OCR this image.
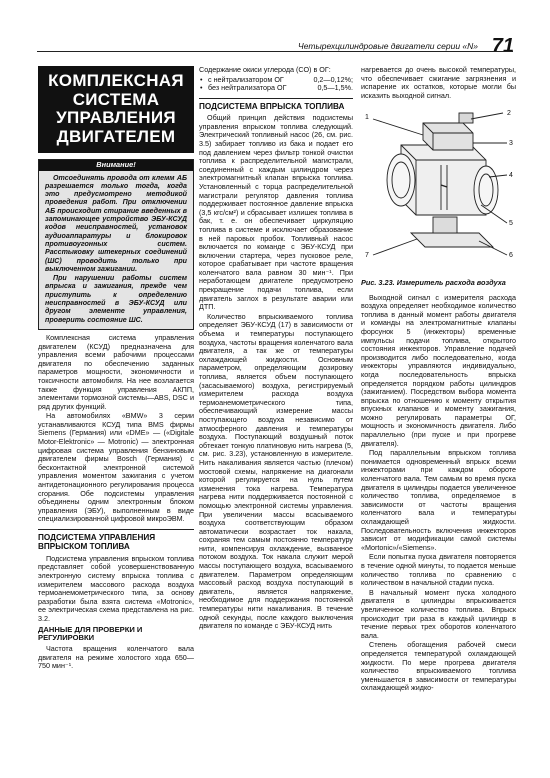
71
Четырехцилиндровые двигатели серии «N»
КОМПЛЕКСНАЯ СИСТЕМА УПРАВЛЕНИЯ ДВИГАТЕЛЕМ
Внимание!

Отсоединять провода от клемм АБ разрешается только тогда, когда это предусмотрено методикой проведения работ. При отключении АБ происходит стирание введенных в запоминающее устройство ЭБУ-КСУД кодов неисправностей, установок аудиоаппаратуры и блокировок противоугонных систем. Расстыковку штекерных соединений (ШС) проводить только при выключенном зажигании.

При нарушении работы систем впрыска и зажигания, прежде чем приступить к определению неисправностей в ЭБУ-КСУД или другом элементе управления, проверить состояние ШС.

Комплексная система управления двигателем (КСУД) предназначена для управления всеми рабочими процессами двигателя по обеспечению заданных параметров мощности, экономичности и токсичности автомобиля. На нее возлагается также функция управления АКПП, элементами тормозной системы—ABS, DSC и ряд других функций.

На автомобилях «BMW» 3 серии устанавливаются КСУД типа BMS фирмы Siemens (Германия) или «DME» — («Digitale Motor-Elektronic» — Motronic) — электронная цифровая система управления бензиновым двигателем фирмы Bosch (Германия) с бесконтактной электронной системой управления моментом зажигания с учетом антидетонационного регулирования процесса сгорания. Обе подсистемы управления объединены одним электронным блоком управления (ЭБУ), выполненным в виде специализированной цифровой микроЭВМ.

ПОДСИСТЕМА УПРАВЛЕНИЯ ВПРЫСКОМ ТОПЛИВА

Подсистема управления впрыском топлива представляет собой усовершенствованную электронную систему впрыска топлива с измерителем массового расхода воздуха термоанемометрического типа, за основу разработки была взята система «Motronic», ее электрическая схема представлена на рис. 3.2.

ДАННЫЕ ДЛЯ ПРОВЕРКИ И РЕГУЛИРОВКИ

Частота вращения коленчатого вала двигателя на режиме холостого хода 650—750 мин⁻¹.

Содержание окиси углерода (СО) в ОГ:

• с нейтрализатором ОГ	0,2—0,12%;
• без нейтрализатора ОГ	0,5—1,5%.
ПОДСИСТЕМА ВПРЫСКА ТОПЛИВА

Общий принцип действия подсистемы управления впрыском топлива следующий. Электрический топливный насос (26, см. рис. 3.5) забирает топливо из бака и подает его под давлением через фильтр тонкой очистки топлива к распределительной магистрали, соединенный с каждым цилиндром через электромагнитный клапан впрыска топлива. Установленный с торца распределительной магистрали регулятор давления топлива поддерживает постоянное давление впрыска (3,5 кгс/см²) и сбрасывает излишек топлива в бак, т. е. он обеспечивает циркуляцию топлива в системе и исключает образование в ней паровых пробок. Топливный насос включается по команде с ЭБУ-КСУД при включении стартера, через пусковое реле, которое срабатывает при частоте вращения коленчатого вала равном 30 мин⁻¹. При неработающем двигателе предусмотрено прекращение подачи топлива, если двигатель заглох в результате аварии или ДТП.

Количество впрыскиваемого топлива определяет ЭБУ-КСУД (17) в зависимости от объема и температуры поступающего воздуха, частоты вращения коленчатого вала двигателя, а так же от температуры охлаждающей жидкости. Основным параметром, определяющим дозировку топлива, является объем поступающего (засасываемого) воздуха, регистрируемый измерителем расхода воздуха термоанемометрического типа, обеспечивающий измерение массы поступающего воздуха независимо от атмосферного давления и температуры воздуха. Поступающий воздушный поток обтекает тонкую платиновую нить нагрева (5, см. рис. 3.23), установленную в измерителе. Нить накаливания является частью (плечом) мостовой схемы, напряжение на диагонали которой регулируется на нуль путем изменения тока нагрева. Температура нагрева нити поддерживается постоянной с помощью электронной системы управления. При увеличении массы всасываемого воздуха соответствующим образом автоматически возрастает ток накала, сохраняя тем самым постоянно температуру нити, компенсируя охлаждение, вызванное потоком воздуха. Ток накала служит мерой массы поступающего воздуха, всасываемого двигателем. Параметром определяющим массовый расход воздуха поступающий в двигатель, является напряжение, необходимое для поддержания постоянной температуры нити накаливания. В течение одной секунды, после каждого выключения двигателя по команде с ЭБУ-КСУД нить

нагревается до очень высокой температуры, что обеспечивает сжигание загрязнения и испарение их остатков, которые могли бы исказить выходной сигнал.

1
2
3
4
5
6
7
Рис. 3.23. Измеритель расхода воздуха

Выходной сигнал с измерителя расхода воздуха определяет необходимое количество топлива в данный момент работы двигателя и команды на электромагнитные клапаны форсунок 5 (инжекторы) временные импульсы подачи топлива, открытого состояния инжекторов. Управление подачей производится либо последовательно, когда инжекторы управляются индивидуально, когда последовательность впрыска определяется порядком работы цилиндров (зажиганием). Посредством выбора момента впрыска по отношению к моменту открытия впускных клапанов и моменту зажигания, можно регулировать параметры ОГ, мощность и экономичность двигателя. Либо параллельно (при пуске и при прогреве двигателя).

Под параллельным впрыском топлива понимается одновременный впрыск всеми инжекторами при каждом обороте коленчатого вала. Тем самым во время пуска двигателя в цилиндры подается увеличенное количество топлива, определяемое в зависимости от частоты вращения коленчатого вала и температуры охлаждающей жидкости. Последовательность включения инжекторов зависит от модификации самой системы «Mortonic»/«Siemens».

Если попытка пуска двигателя повторяется в течение одной минуты, то подается меньше количество топлива по сравнению с количеством в начальной стадии пуска.

В начальный момент пуска холодного двигателя в цилиндры впрыскивается увеличенное количество топлива. Впрыск происходит три раза в каждый цилиндр в течение первых трех оборотов коленчатого вала.

Степень обогащения рабочей смеси определяется температурой охлаждающей жидкости. По мере прогрева двигателя количество впрыскиваемого топлива уменьшается в зависимости от температуры охлаждающей жидко-
